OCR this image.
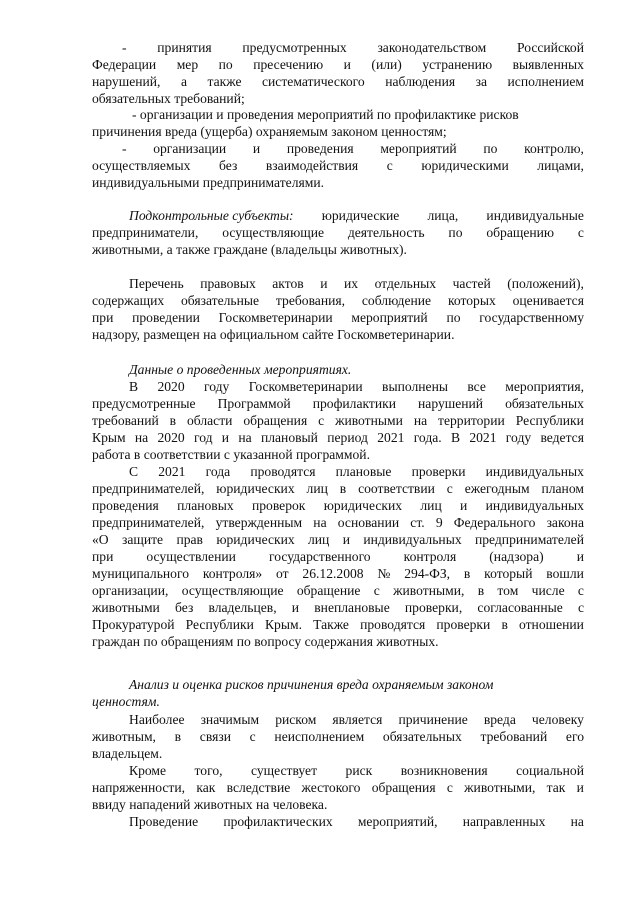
- принятия предусмотренных законодательством Российской
Федерации мер по пресечению и (или) устранению выявленных
нарушений, а также систематического наблюдения за исполнением
обязательных требований;
- организации и проведения мероприятий по профилактике рисков
причинения вреда (ущерба) охраняемым законом ценностям;
- организации и проведения мероприятий по контролю,
осуществляемых без взаимодействия с юридическими лицами,
индивидуальными предпринимателями.
Подконтрольные субъекты: юридические лица, индивидуальные
предприниматели, осуществляющие деятельность по обращению с
животными, а также граждане (владельцы животных).
Перечень правовых актов и их отдельных частей (положений),
содержащих обязательные требования, соблюдение которых оценивается
при проведении Госкомветеринарии мероприятий по государственному
надзору, размещен на официальном сайте Госкомветеринарии.
Данные о проведенных мероприятиях.
В 2020 году Госкомветеринарии выполнены все мероприятия,
предусмотренные Программой профилактики нарушений обязательных
требований в области обращения с животными на территории Республики
Крым на 2020 год и на плановый период 2021 года. В 2021 году ведется
работа в соответствии с указанной программой.
С 2021 года проводятся плановые проверки индивидуальных
предпринимателей, юридических лиц в соответствии с ежегодным планом
проведения плановых проверок юридических лиц и индивидуальных
предпринимателей, утвержденным на основании ст. 9 Федерального закона
«О защите прав юридических лиц и индивидуальных предпринимателей
при осуществлении государственного контроля (надзора) и
муниципального контроля» от 26.12.2008 № 294-ФЗ, в который вошли
организации, осуществляющие обращение с животными, в том числе с
животными без владельцев, и внеплановые проверки, согласованные с
Прокуратурой Республики Крым. Также проводятся проверки в отношении
граждан по обращениям по вопросу содержания животных.
Анализ и оценка рисков причинения вреда охраняемым законом
ценностям.
Наиболее значимым риском является причинение вреда человеку
животным, в связи с неисполнением обязательных требований его
владельцем.
Кроме того, существует риск возникновения социальной
напряженности, как вследствие жестокого обращения с животными, так и
ввиду нападений животных на человека.
Проведение профилактических мероприятий, направленных на
